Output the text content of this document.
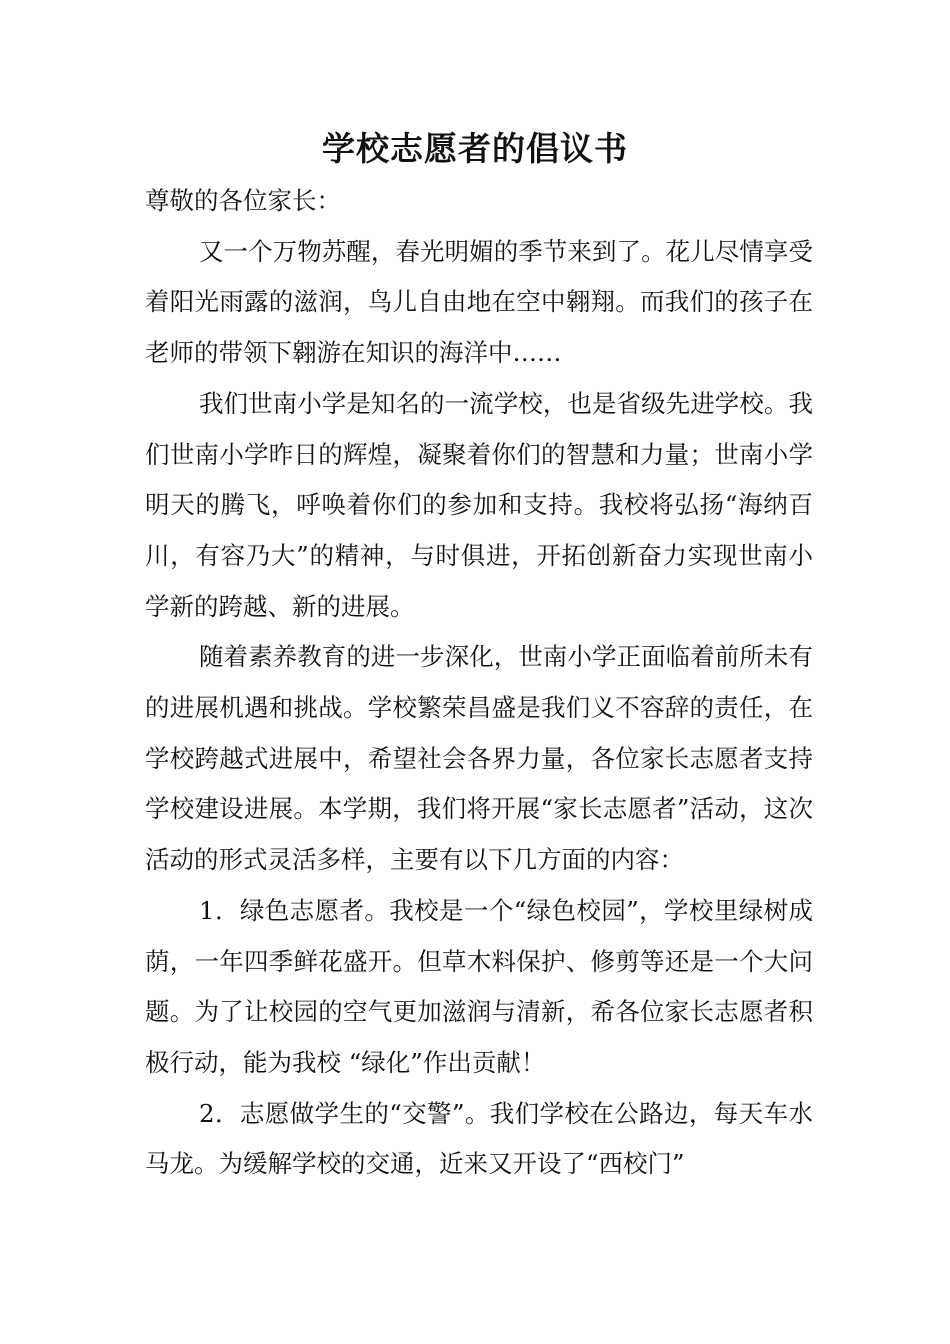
学校志愿者的倡议书

尊敬的各位家长：

又一个万物苏醒，春光明媚的季节来到了。花儿尽情享受着阳光雨露的滋润，鸟儿自由地在空中翱翔。而我们的孩子在老师的带领下翱游在知识的海洋中……

我们世南小学是知名的一流学校，也是省级先进学校。我们世南小学昨日的辉煌，凝聚着你们的智慧和力量；世南小学明天的腾飞，呼唤着你们的参加和支持。我校将弘扬“海纳百川，有容乃大”的精神，与时俱进，开拓创新奋力实现世南小学新的跨越、新的进展。

随着素养教育的进一步深化，世南小学正面临着前所未有的进展机遇和挑战。学校繁荣昌盛是我们义不容辞的责任，在学校跨越式进展中，希望社会各界力量，各位家长志愿者支持学校建设进展。本学期，我们将开展“家长志愿者”活动，这次活动的形式灵活多样，主要有以下几方面的内容：

1．绿色志愿者。我校是一个“绿色校园”，学校里绿树成荫，一年四季鲜花盛开。但草木料保护、修剪等还是一个大问题。为了让校园的空气更加滋润与清新，希各位家长志愿者积极行动，能为我校 “绿化”作出贡献！

2．志愿做学生的“交警”。我们学校在公路边，每天车水马龙。为缓解学校的交通，近来又开设了“西校门”
